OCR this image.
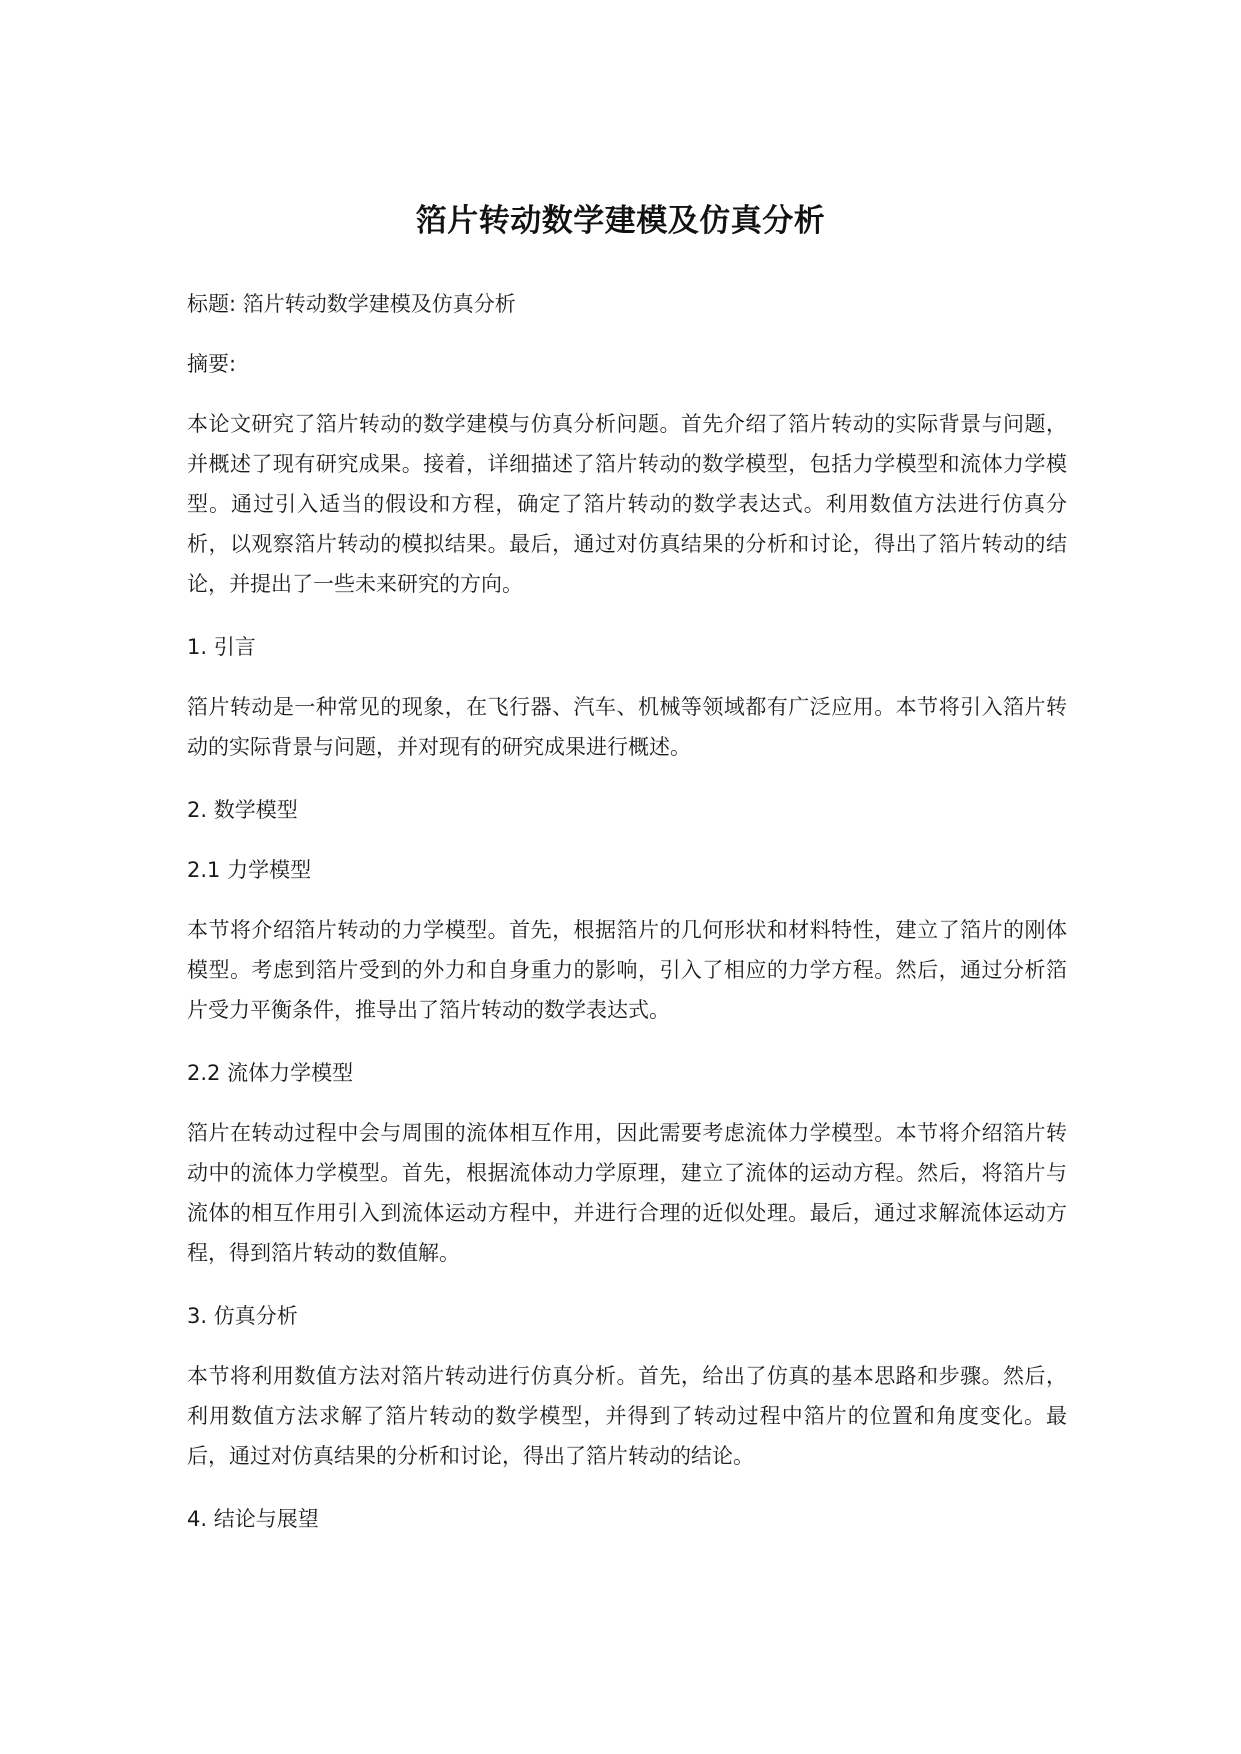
箔片转动数学建模及仿真分析

标题: 箔片转动数学建模及仿真分析

摘要:

本论文研究了箔片转动的数学建模与仿真分析问题。首先介绍了箔片转动的实际背景与问题，并概述了现有研究成果。接着，详细描述了箔片转动的数学模型，包括力学模型和流体力学模型。通过引入适当的假设和方程，确定了箔片转动的数学表达式。利用数值方法进行仿真分析，以观察箔片转动的模拟结果。最后，通过对仿真结果的分析和讨论，得出了箔片转动的结论，并提出了一些未来研究的方向。

1. 引言

箔片转动是一种常见的现象，在飞行器、汽车、机械等领域都有广泛应用。本节将引入箔片转动的实际背景与问题，并对现有的研究成果进行概述。

2. 数学模型

2.1 力学模型

本节将介绍箔片转动的力学模型。首先，根据箔片的几何形状和材料特性，建立了箔片的刚体模型。考虑到箔片受到的外力和自身重力的影响，引入了相应的力学方程。然后，通过分析箔片受力平衡条件，推导出了箔片转动的数学表达式。

2.2 流体力学模型

箔片在转动过程中会与周围的流体相互作用，因此需要考虑流体力学模型。本节将介绍箔片转动中的流体力学模型。首先，根据流体动力学原理，建立了流体的运动方程。然后，将箔片与流体的相互作用引入到流体运动方程中，并进行合理的近似处理。最后，通过求解流体运动方程，得到箔片转动的数值解。

3. 仿真分析

本节将利用数值方法对箔片转动进行仿真分析。首先，给出了仿真的基本思路和步骤。然后，利用数值方法求解了箔片转动的数学模型，并得到了转动过程中箔片的位置和角度变化。最后，通过对仿真结果的分析和讨论，得出了箔片转动的结论。

4. 结论与展望
